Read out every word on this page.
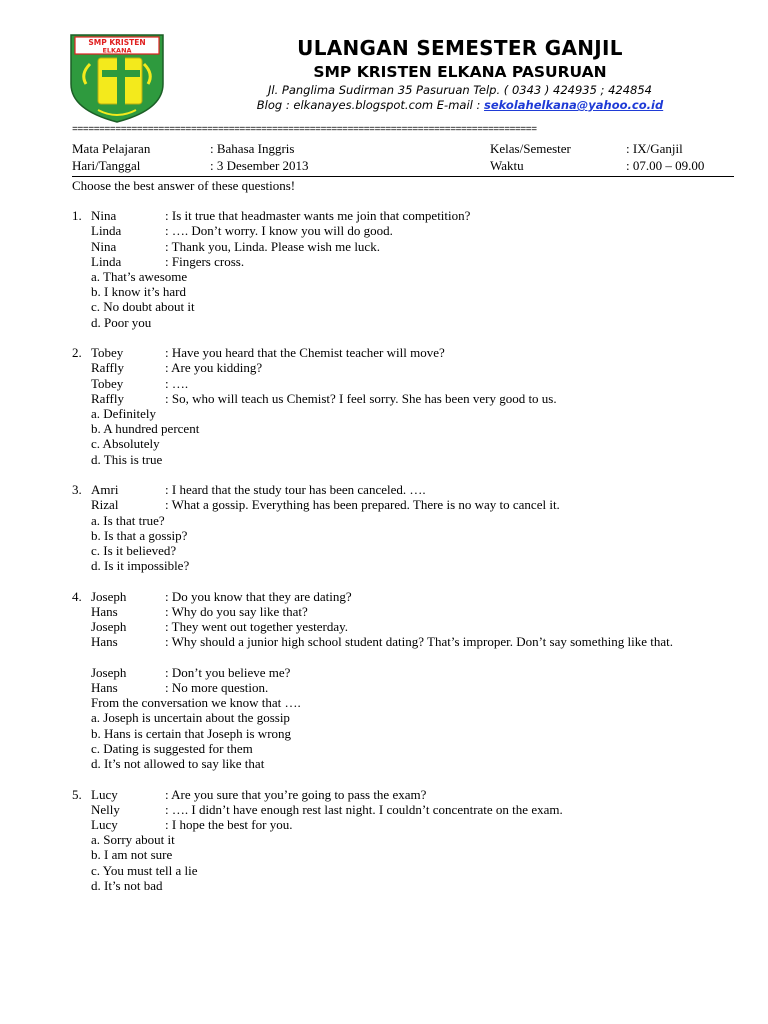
SMP KRISTEN
ELKANA	ULANGAN SEMESTER GANJIL
SMP KRISTEN ELKANA PASURUAN
Jl. Panglima Sudirman 35 Pasuruan Telp. ( 0343 ) 424935 ; 424854
Blog : elkanayes.blogspot.com E-mail : sekolahelkana@yahoo.co.id
======================================================================================
Mata Pelajaran	: Bahasa Inggris	Kelas/Semester	: IX/Ganjil
Hari/Tanggal	: 3 Desember 2013	Waktu	: 07.00 – 09.00
Choose the best answer of these questions!
1. Nina	: Is it true that headmaster wants me join that competition?
Linda	: …. Don’t worry. I know you will do good.
Nina	: Thank you, Linda. Please wish me luck.
Linda	: Fingers cross.
a. That’s awesome
b. I know it’s hard
c. No doubt about it
d. Poor you
2. Tobey	: Have you heard that the Chemist teacher will move?
Raffly	: Are you kidding?
Tobey	: ….
Raffly	: So, who will teach us Chemist? I feel sorry. She has been very good to us.
a. Definitely
b. A hundred percent
c. Absolutely
d. This is true
3. Amri	: I heard that the study tour has been canceled. ….
Rizal	: What a gossip. Everything has been prepared. There is no way to cancel it.
a. Is that true?
b. Is that a gossip?
c. Is it believed?
d. Is it impossible?
4. Joseph	: Do you know that they are dating?
Hans	: Why do you say like that?
Joseph	: They went out together yesterday.
Hans	: Why should a junior high school student dating? That’s improper. Don’t say something like that.
Joseph	: Don’t you believe me?
Hans	: No more question.
From the conversation we know that ….
a. Joseph is uncertain about the gossip
b. Hans is certain that Joseph is wrong
c. Dating is suggested for them
d. It’s not allowed to say like that
5. Lucy	: Are you sure that you’re going to pass the exam?
Nelly	: …. I didn’t have enough rest last night. I couldn’t concentrate on the exam.
Lucy	: I hope the best for you.
a. Sorry about it
b. I am not sure
c. You must tell a lie
d. It’s not bad
